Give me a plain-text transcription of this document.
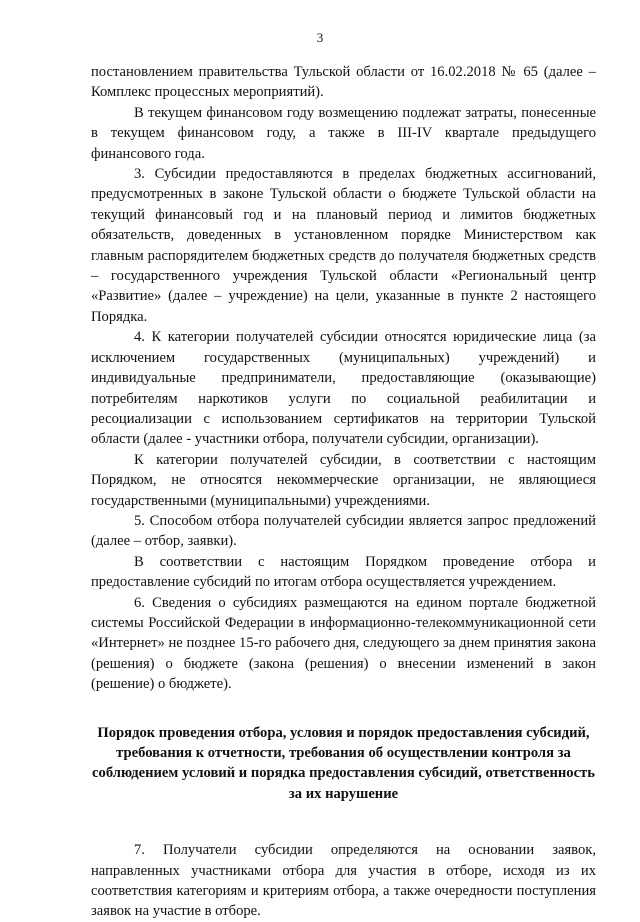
3

постановлением правительства Тульской области от 16.02.2018 № 65 (далее – Комплекс процессных мероприятий).

В текущем финансовом году возмещению подлежат затраты, понесенные в текущем финансовом году, а также в III-IV квартале предыдущего финансового года.

3. Субсидии предоставляются в пределах бюджетных ассигнований, предусмотренных в законе Тульской области о бюджете Тульской области на текущий финансовый год и на плановый период и лимитов бюджетных обязательств, доведенных в установленном порядке Министерством как главным распорядителем бюджетных средств до получателя бюджетных средств – государственного учреждения Тульской области «Региональный центр «Развитие» (далее – учреждение) на цели, указанные в пункте 2 настоящего Порядка.

4. К категории получателей субсидии относятся юридические лица (за исключением государственных (муниципальных) учреждений) и индивидуальные предприниматели, предоставляющие (оказывающие) потребителям наркотиков услуги по социальной реабилитации и ресоциализации с использованием сертификатов на территории Тульской области (далее - участники отбора, получатели субсидии, организации).

К категории получателей субсидии, в соответствии с настоящим Порядком, не относятся некоммерческие организации, не являющиеся государственными (муниципальными) учреждениями.

5. Способом отбора получателей субсидии является запрос предложений (далее – отбор, заявки).

В соответствии с настоящим Порядком проведение отбора и предоставление субсидий по итогам отбора осуществляется учреждением.

6. Сведения о субсидиях размещаются на едином портале бюджетной системы Российской Федерации в информационно-телекоммуникационной сети «Интернет» не позднее 15-го рабочего дня, следующего за днем принятия закона (решения) о бюджете (закона (решения) о внесении изменений в закон (решение) о бюджете).

Порядок проведения отбора, условия и порядок предоставления субсидий, требования к отчетности, требования об осуществлении контроля за соблюдением условий и порядка предоставления субсидий, ответственность за их нарушение

7. Получатели субсидии определяются на основании заявок, направленных участниками отбора для участия в отборе, исходя из их соответствия категориям и критериям отбора, а также очередности поступления заявок на участие в отборе.
